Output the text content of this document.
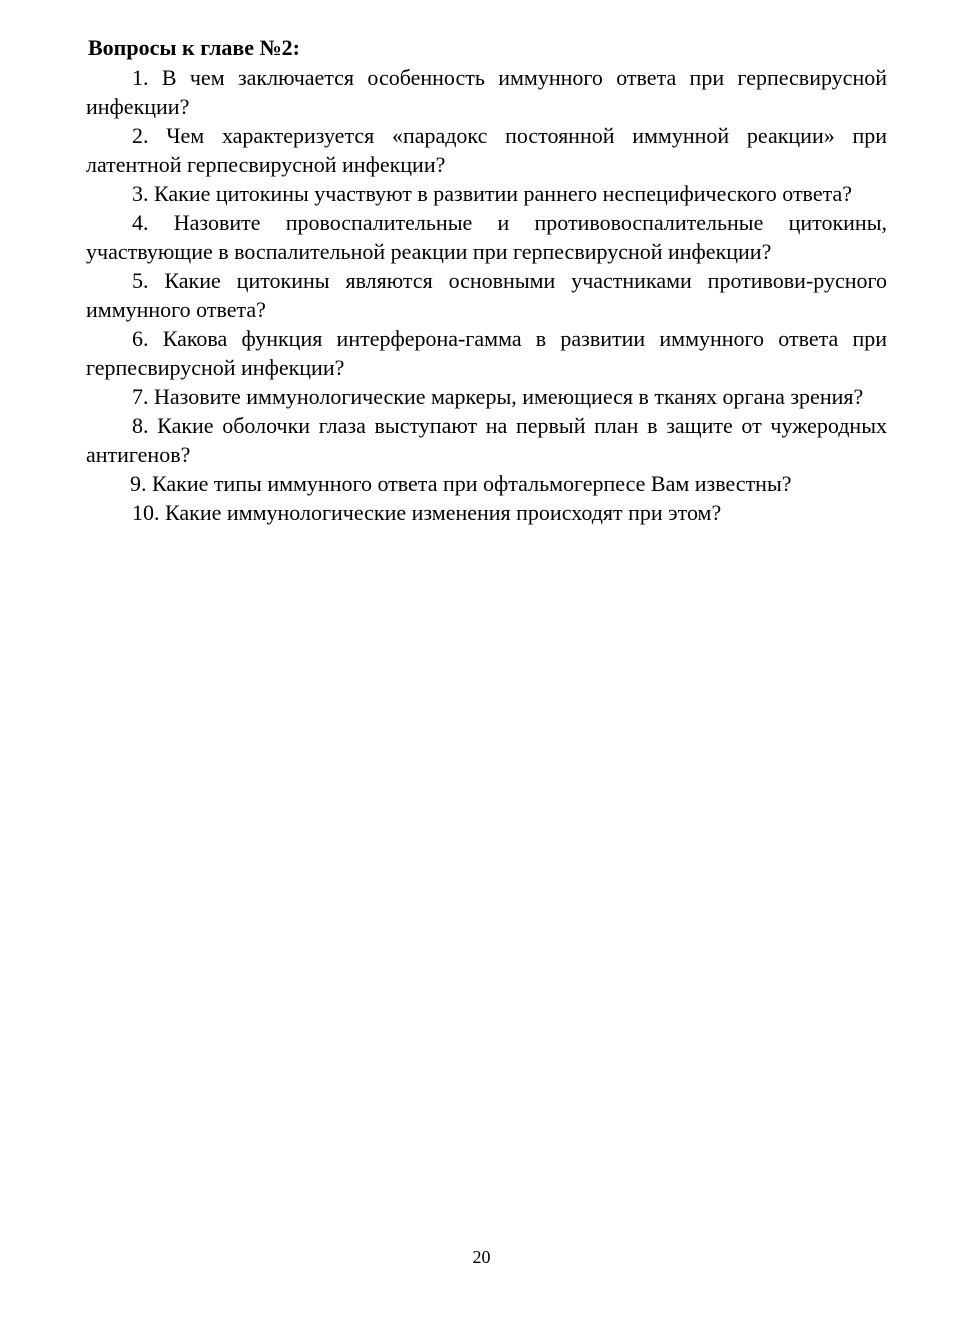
Вопросы к главе №2:
1. В чем заключается особенность иммунного ответа при герпесвирусной инфекции?
2. Чем характеризуется «парадокс постоянной иммунной реакции» при латентной герпесвирусной инфекции?
3. Какие цитокины участвуют в развитии раннего неспецифического ответа?
4. Назовите провоспалительные и противовоспалительные цитокины, участвующие в воспалительной реакции при герпесвирусной инфекции?
5. Какие цитокины являются основными участниками противови-русного иммунного ответа?
6. Какова функция интерферона-гамма в развитии иммунного ответа при герпесвирусной инфекции?
7. Назовите иммунологические маркеры, имеющиеся в тканях органа зрения?
8. Какие оболочки глаза выступают на первый план в защите от чужеродных антигенов?
9. Какие типы иммунного ответа при офтальмогерпесе Вам известны?
10. Какие иммунологические изменения происходят при этом?
20
